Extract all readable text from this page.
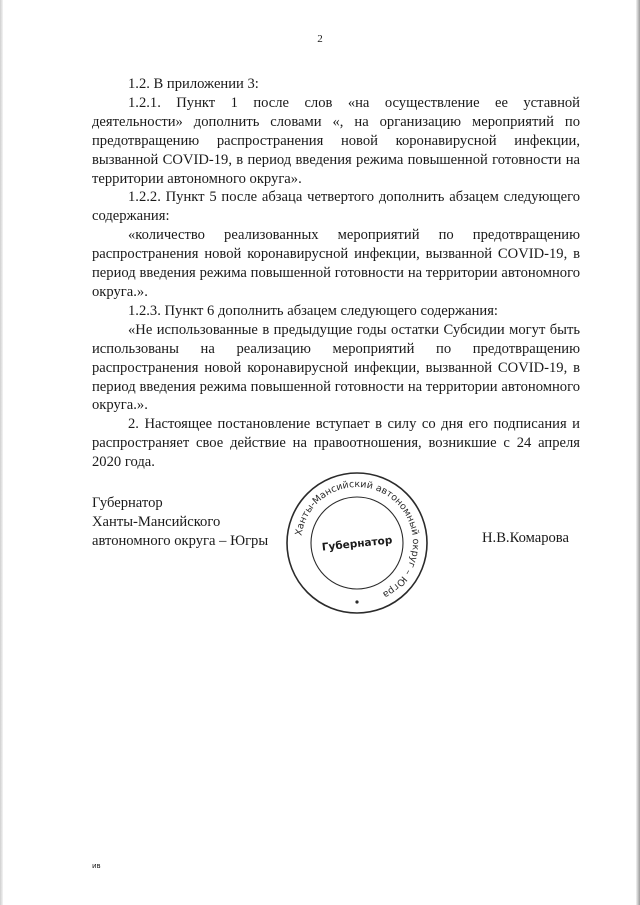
2

1.2. В приложении 3:

1.2.1. Пункт 1 после слов «на осуществление ее уставной деятельности» дополнить словами «, на организацию мероприятий по предотвращению распространения новой коронавирусной инфекции, вызванной COVID-19, в период введения режима повышенной готовности на территории автономного округа».

1.2.2. Пункт 5 после абзаца четвертого дополнить абзацем следующего содержания:

«количество реализованных мероприятий по предотвращению распространения новой коронавирусной инфекции, вызванной COVID-19, в период введения режима повышенной готовности на территории автономного округа.».

1.2.3. Пункт 6 дополнить абзацем следующего содержания:

«Не использованные в предыдущие годы остатки Субсидии могут быть использованы на реализацию мероприятий по предотвращению распространения новой коронавирусной инфекции, вызванной COVID-19, в период введения режима повышенной готовности на территории автономного округа.».

2. Настоящее постановление вступает в силу со дня его подписания и распространяет свое действие на правоотношения, возникшие с 24 апреля 2020 года.

Губернатор
Ханты-Мансийского
автономного округа – Югры
Ханты-Мансийский автономный округ – Югра
Губернатор	Н.В.Комарова
ив
